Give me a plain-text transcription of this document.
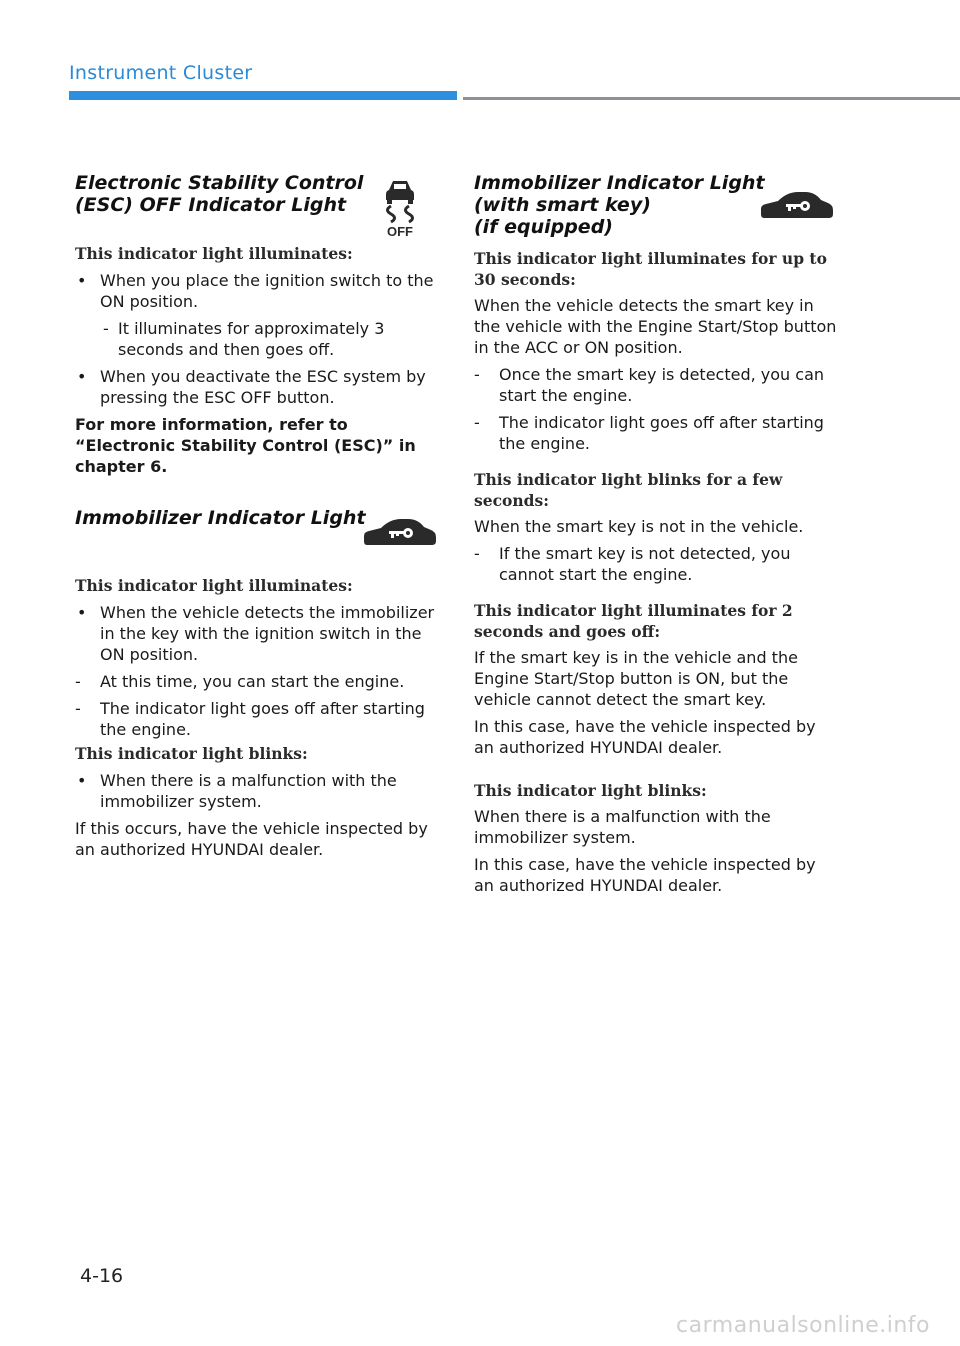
Instrument Cluster
Electronic Stability Control
(ESC) OFF Indicator Light
OFF

This indicator light illuminates:

• When you place the ignition switch to the ON position.
- It illuminates for approximately 3 seconds and then goes off.
• When you deactivate the ESC system by pressing the ESC OFF button.

For more information, refer to “Electronic Stability Control (ESC)” in chapter 6.

Immobilizer Indicator Light

This indicator light illuminates:

• When the vehicle detects the immobilizer in the key with the ignition switch in the ON position.
- At this time, you can start the engine.
- The indicator light goes off after starting the engine.

This indicator light blinks:

• When there is a malfunction with the immobilizer system.

If this occurs, have the vehicle inspected by an authorized HYUNDAI dealer.

Immobilizer Indicator Light
(with smart key)
(if equipped)

This indicator light illuminates for up to 30 seconds:

When the vehicle detects the smart key in the vehicle with the Engine Start/Stop button in the ACC or ON position.

- Once the smart key is detected, you can start the engine.
- The indicator light goes off after starting the engine.

This indicator light blinks for a few seconds:

When the smart key is not in the vehicle.

- If the smart key is not detected, you cannot start the engine.

This indicator light illuminates for 2 seconds and goes off:

If the smart key is in the vehicle and the Engine Start/Stop button is ON, but the vehicle cannot detect the smart key.

In this case, have the vehicle inspected by an authorized HYUNDAI dealer.

This indicator light blinks:

When there is a malfunction with the immobilizer system.

In this case, have the vehicle inspected by an authorized HYUNDAI dealer.

4-16
carmanualsonline.info
